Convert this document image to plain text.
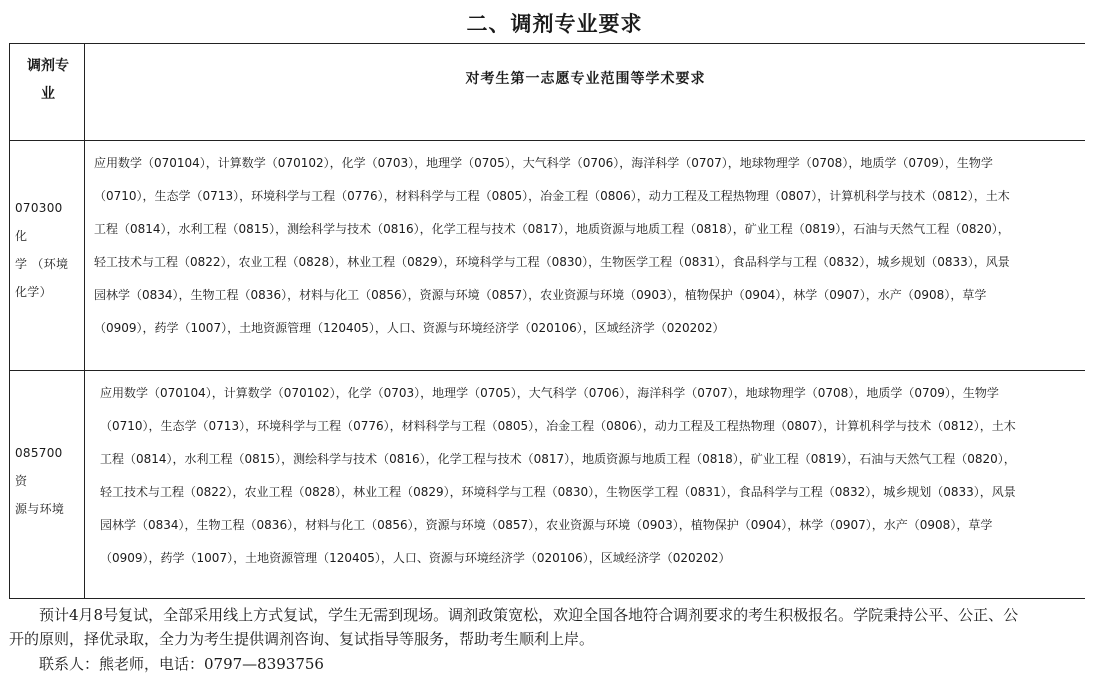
二、调剂专业要求
调剂专
业
对考生第一志愿专业范围等学术要求
070300 化
学 （环境
化学）
应用数学（070104），计算数学（070102），化学（0703），地理学（0705），大气科学（0706），海洋科学（0707），地球物理学（0708），地质学（0709），生物学
（0710），生态学（0713），环境科学与工程（0776），材料科学与工程（0805），冶金工程（0806），动力工程及工程热物理（0807），计算机科学与技术（0812），土木
工程（0814），水利工程（0815），测绘科学与技术（0816），化学工程与技术（0817），地质资源与地质工程（0818），矿业工程（0819），石油与天然气工程（0820），
轻工技术与工程（0822），农业工程（0828），林业工程（0829），环境科学与工程（0830），生物医学工程（0831），食品科学与工程（0832），城乡规划（0833），风景
园林学（0834），生物工程（0836），材料与化工（0856），资源与环境（0857），农业资源与环境（0903），植物保护（0904），林学（0907），水产（0908），草学
（0909），药学（1007），土地资源管理（120405），人口、资源与环境经济学（020106），区域经济学（020202）
085700 资
源与环境
应用数学（070104），计算数学（070102），化学（0703），地理学（0705），大气科学（0706），海洋科学（0707），地球物理学（0708），地质学（0709），生物学
（0710），生态学（0713），环境科学与工程（0776），材料科学与工程（0805），冶金工程（0806），动力工程及工程热物理（0807），计算机科学与技术（0812），土木
工程（0814），水利工程（0815），测绘科学与技术（0816），化学工程与技术（0817），地质资源与地质工程（0818），矿业工程（0819），石油与天然气工程（0820），
轻工技术与工程（0822），农业工程（0828），林业工程（0829），环境科学与工程（0830），生物医学工程（0831），食品科学与工程（0832），城乡规划（0833），风景
园林学（0834），生物工程（0836），材料与化工（0856），资源与环境（0857），农业资源与环境（0903），植物保护（0904），林学（0907），水产（0908），草学
（0909），药学（1007），土地资源管理（120405），人口、资源与环境经济学（020106），区域经济学（020202）
　　预计4月8号复试，全部采用线上方式复试，学生无需到现场。调剂政策宽松，欢迎全国各地符合调剂要求的考生积极报名。学院秉持公平、公正、公
开的原则，择优录取，全力为考生提供调剂咨询、复试指导等服务，帮助考生顺利上岸。
　　联系人：熊老师，电话：0797—8393756
